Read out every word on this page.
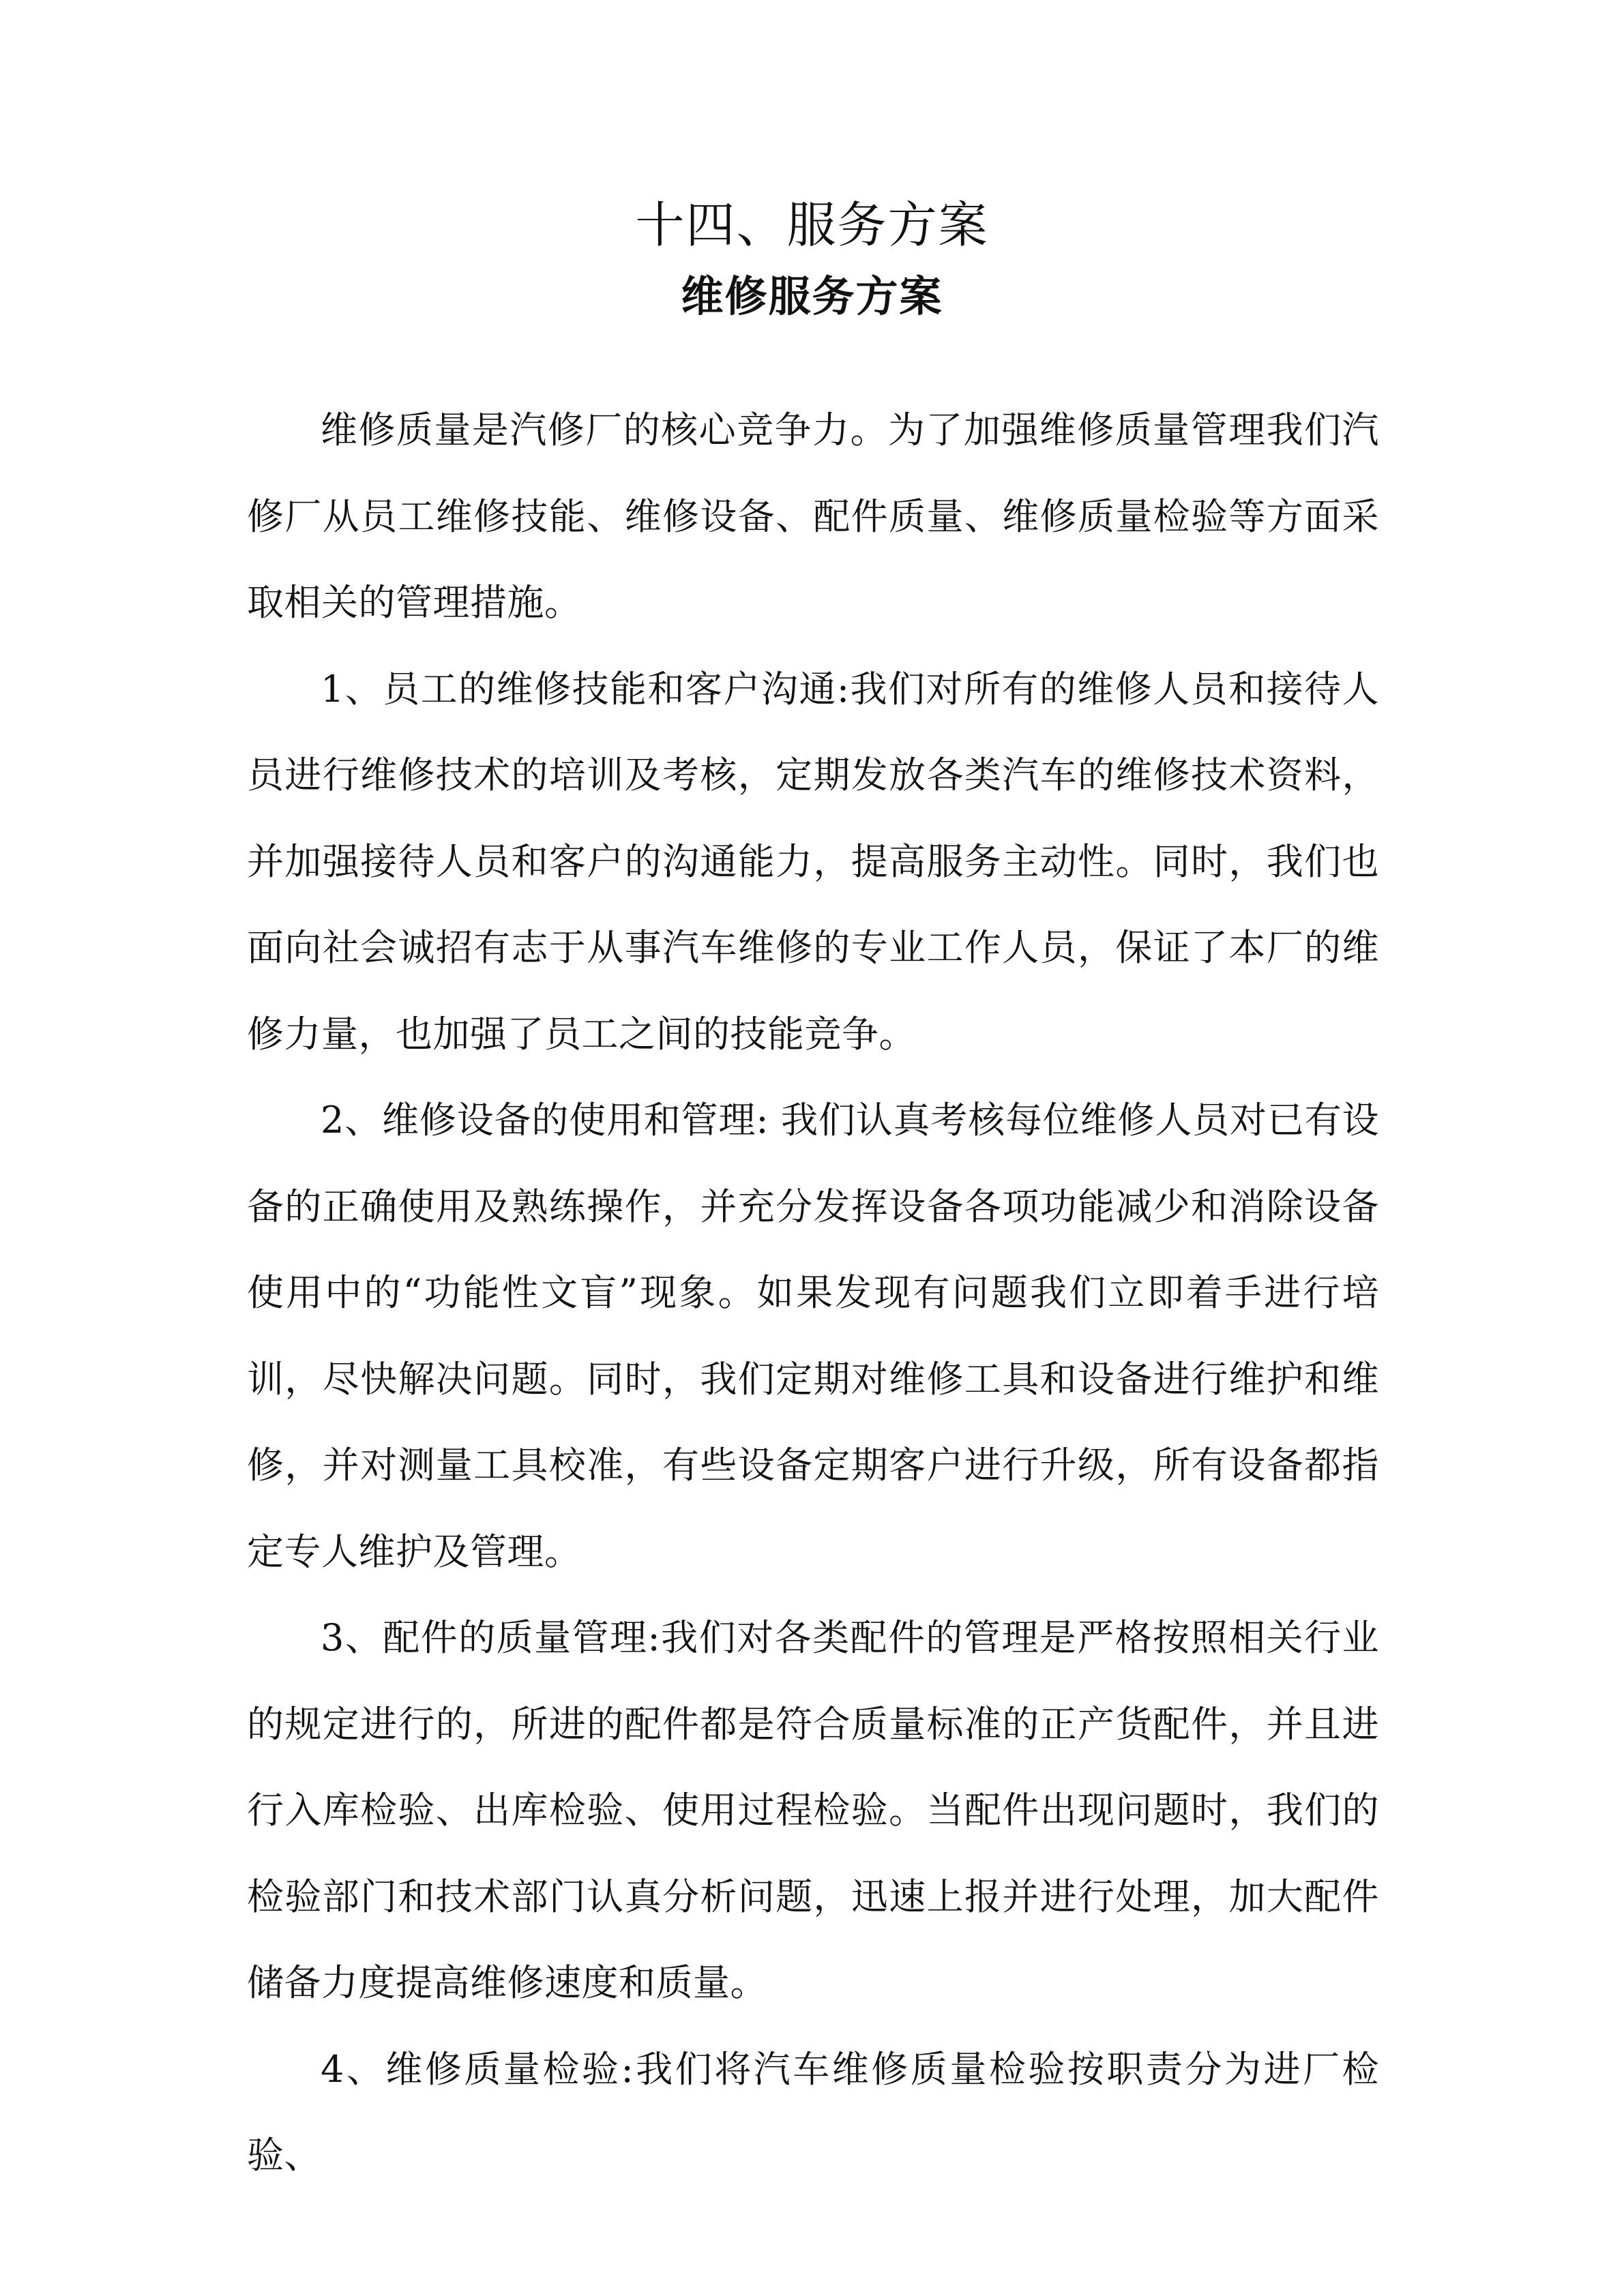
十四、服务方案
维修服务方案

维修质量是汽修厂的核心竞争力。为了加强维修质量管理我们汽修厂从员工维修技能、维修设备、配件质量、维修质量检验等方面采取相关的管理措施。

1、员工的维修技能和客户沟通:我们对所有的维修人员和接待人员进行维修技术的培训及考核，定期发放各类汽车的维修技术资料，并加强接待人员和客户的沟通能力，提高服务主动性。同时，我们也面向社会诚招有志于从事汽车维修的专业工作人员，保证了本厂的维修力量，也加强了员工之间的技能竞争。

2、维修设备的使用和管理: 我们认真考核每位维修人员对已有设备的正确使用及熟练操作，并充分发挥设备各项功能减少和消除设备使用中的“功能性文盲”现象。如果发现有问题我们立即着手进行培训，尽快解决问题。同时，我们定期对维修工具和设备进行维护和维修，并对测量工具校准，有些设备定期客户进行升级，所有设备都指定专人维护及管理。

3、配件的质量管理:我们对各类配件的管理是严格按照相关行业的规定进行的，所进的配件都是符合质量标准的正产货配件，并且进行入库检验、出库检验、使用过程检验。当配件出现问题时，我们的检验部门和技术部门认真分析问题，迅速上报并进行处理，加大配件储备力度提高维修速度和质量。

4、维修质量检验:我们将汽车维修质量检验按职责分为进厂检验、
